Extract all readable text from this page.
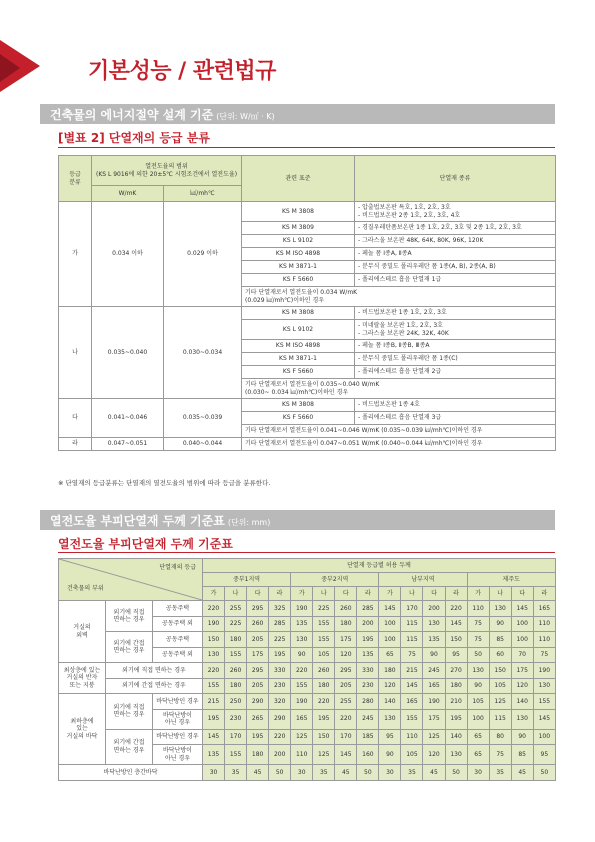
기본성능 / 관련법규
건축물의 에너지절약 설계 기준 (단위: W/㎡ · K)
[별표 2] 단열재의 등급 분류
등급
분류	열전도율의 범위
(KS L 9016에 의한 20±5℃ 시험조건에서 열전도율)		관련 표준	단열재 종류
	W/mK	㎉/mh℃		
가	0.034 이하	0.029 이하	KS M 3808	- 압출법보온판 특호, 1호, 2호, 3호
- 비드법보온판 2종 1호, 2호, 3호, 4호
			KS M 3809	- 경질우레탄폼보온판 1종 1호, 2호, 3호 및 2종 1호, 2호, 3호
			KS L 9102	- 그라스울 보온판 48K, 64K, 80K, 96K, 120K
			KS M ISO 4898	- 페놀 폼 Ⅰ종A, Ⅱ종A
			KS M 3871-1	- 분무식 중밀도 폴리우레탄 폼 1종(A, B), 2종(A, B)
			KS F 5660	- 폴리에스테르 흡음 단열재 1급
			기타 단열재로서 열전도율이 0.034 W/mK
(0.029 ㎉/mh℃)이하인 경우	
나	0.035~0.040	0.030~0.034	KS M 3808	- 비드법보온판 1종 1호, 2호, 3호
			KS L 9102	- 미네랄울 보온판 1호, 2호, 3호
- 그라스울 보온판 24K, 32K, 40K
			KS M ISO 4898	- 페놀 폼 Ⅰ종B, Ⅱ종B, Ⅲ종A
			KS M 3871-1	- 분무식 중밀도 폴리우레탄 폼 1종(C)
			KS F 5660	- 폴리에스테르 흡음 단열재 2급
			기타 단열재로서 열전도율이 0.035~0.040 W/mK
(0.030~ 0.034 ㎉/mh℃)이하인 경우	
다	0.041~0.046	0.035~0.039	KS M 3808	- 비드법보온판 1종 4호
			KS F 5660	- 폴리에스테르 흡음 단열재 3급
			기타 단열재로서 열전도율이 0.041~0.046 W/mK (0.035~0.039 ㎉/mh℃)이하인 경우	
라	0.047~0.051	0.040~0.044	기타 단열재로서 열전도율이 0.047~0.051 W/mK (0.040~0.044 ㎉/mh℃)이하인 경우	
※ 단열재의 등급분류는 단열재의 열전도율의 범위에 따라 등급을 분류한다.
열전도율 부피단열재 두께 기준표 (단위: mm)
열전도율 부피단열재 두께 기준표
단열재의 등급
건축물의 부위			단열재 등급별 허용 두께															
			중부1지역				중부2지역				남부지역				제주도			
			가	나	다	라	가	나	다	라	가	나	다	라	가	나	다	라
거실의
외벽	외기에 직접
면하는 경우	공동주택	220	255	295	325	190	225	260	285	145	170	200	220	110	130	145	165
		공동주택 외	190	225	260	285	135	155	180	200	100	115	130	145	75	90	100	110
	외기에 간접
면하는 경우	공동주택	150	180	205	225	130	155	175	195	100	115	135	150	75	85	100	110
		공동주택 외	130	155	175	195	90	105	120	135	65	75	90	95	50	60	70	75
최상층에 있는
거실의 반자
또는 지붕	외기에 직접 면하는 경우		220	260	295	330	220	260	295	330	180	215	245	270	130	150	175	190
	외기에 간접 면하는 경우		155	180	205	230	155	180	205	230	120	145	165	180	90	105	120	130
최하층에
있는
거실의 바닥	외기에 직접
면하는 경우	바닥난방인 경우	215	250	290	320	190	220	255	280	140	165	190	210	105	125	140	155
		바닥난방이
아닌 경우	195	230	265	290	165	195	220	245	130	155	175	195	100	115	130	145
	외기에 간접
면하는 경우	바닥난방인 경우	145	170	195	220	125	150	170	185	95	110	125	140	65	80	90	100
		바닥난방이
아닌 경우	135	155	180	200	110	125	145	160	90	105	120	130	65	75	85	95
바닥난방인 층간바닥			30	35	45	50	30	35	45	50	30	35	45	50	30	35	45	50
